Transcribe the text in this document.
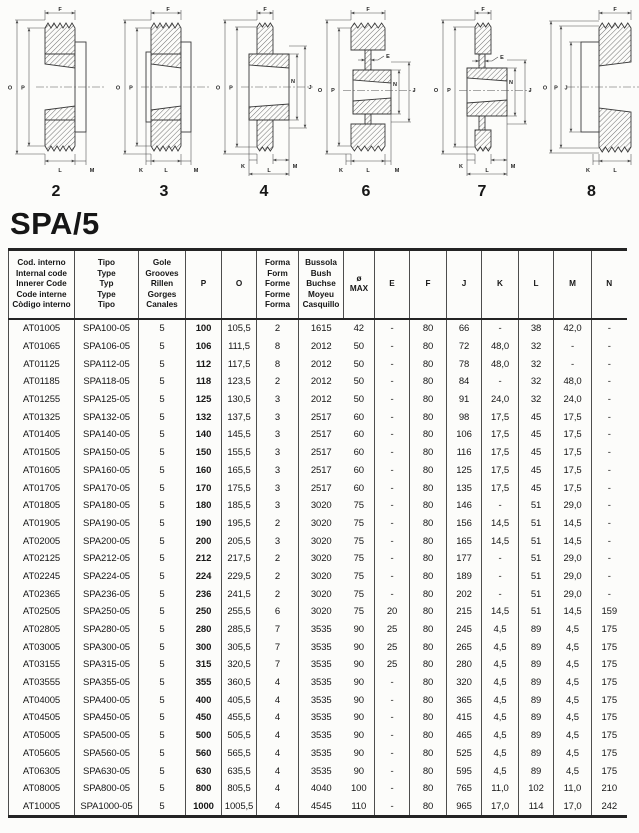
F
O P
L	M
2
F
O P
K	L	M
3
F
O P
N
J
K	M
L
4
F
E
O P
N
J
K	L	M
6
F
E
O P
N
J
K	M
L
7
F
O P J
K	L
8
SPA/5
Cod. interno
Internal code
Innerer Code
Code interne
Còdigo interno

Tipo
Type
Typ
Type
Tipo

Gole
Grooves
Rillen
Gorges
Canales

P	O

Forma
Form
Forme
Forme
Forma

Bussola
Bush
Buchse
Moyeu
Casquillo

ø
MAX

E	F	J	K	L	M	N

AT01005	SPA100-05	5	100	105,5	2	1615	42	-	80	66	-	38	42,0	-
AT01065	SPA106-05	5	106	111,5	8	2012	50	-	80	72	48,0	32	-	-
AT01125	SPA112-05	5	112	117,5	8	2012	50	-	80	78	48,0	32	-	-
AT01185	SPA118-05	5	118	123,5	2	2012	50	-	80	84	-	32	48,0	-
AT01255	SPA125-05	5	125	130,5	3	2012	50	-	80	91	24,0	32	24,0	-
AT01325	SPA132-05	5	132	137,5	3	2517	60	-	80	98	17,5	45	17,5	-
AT01405	SPA140-05	5	140	145,5	3	2517	60	-	80	106	17,5	45	17,5	-
AT01505	SPA150-05	5	150	155,5	3	2517	60	-	80	116	17,5	45	17,5	-
AT01605	SPA160-05	5	160	165,5	3	2517	60	-	80	125	17,5	45	17,5	-
AT01705	SPA170-05	5	170	175,5	3	2517	60	-	80	135	17,5	45	17,5	-
AT01805	SPA180-05	5	180	185,5	3	3020	75	-	80	146	-	51	29,0	-
AT01905	SPA190-05	5	190	195,5	2	3020	75	-	80	156	14,5	51	14,5	-
AT02005	SPA200-05	5	200	205,5	3	3020	75	-	80	165	14,5	51	14,5	-
AT02125	SPA212-05	5	212	217,5	2	3020	75	-	80	177	-	51	29,0	-
AT02245	SPA224-05	5	224	229,5	2	3020	75	-	80	189	-	51	29,0	-
AT02365	SPA236-05	5	236	241,5	2	3020	75	-	80	202	-	51	29,0	-
AT02505	SPA250-05	5	250	255,5	6	3020	75	20	80	215	14,5	51	14,5	159
AT02805	SPA280-05	5	280	285,5	7	3535	90	25	80	245	4,5	89	4,5	175
AT03005	SPA300-05	5	300	305,5	7	3535	90	25	80	265	4,5	89	4,5	175
AT03155	SPA315-05	5	315	320,5	7	3535	90	25	80	280	4,5	89	4,5	175
AT03555	SPA355-05	5	355	360,5	4	3535	90	-	80	320	4,5	89	4,5	175
AT04005	SPA400-05	5	400	405,5	4	3535	90	-	80	365	4,5	89	4,5	175
AT04505	SPA450-05	5	450	455,5	4	3535	90	-	80	415	4,5	89	4,5	175
AT05005	SPA500-05	5	500	505,5	4	3535	90	-	80	465	4,5	89	4,5	175
AT05605	SPA560-05	5	560	565,5	4	3535	90	-	80	525	4,5	89	4,5	175
AT06305	SPA630-05	5	630	635,5	4	3535	90	-	80	595	4,5	89	4,5	175
AT08005	SPA800-05	5	800	805,5	4	4040	100	-	80	765	11,0	102	11,0	210
AT10005	SPA1000-05	5	1000	1005,5	4	4545	110	-	80	965	17,0	114	17,0	242
